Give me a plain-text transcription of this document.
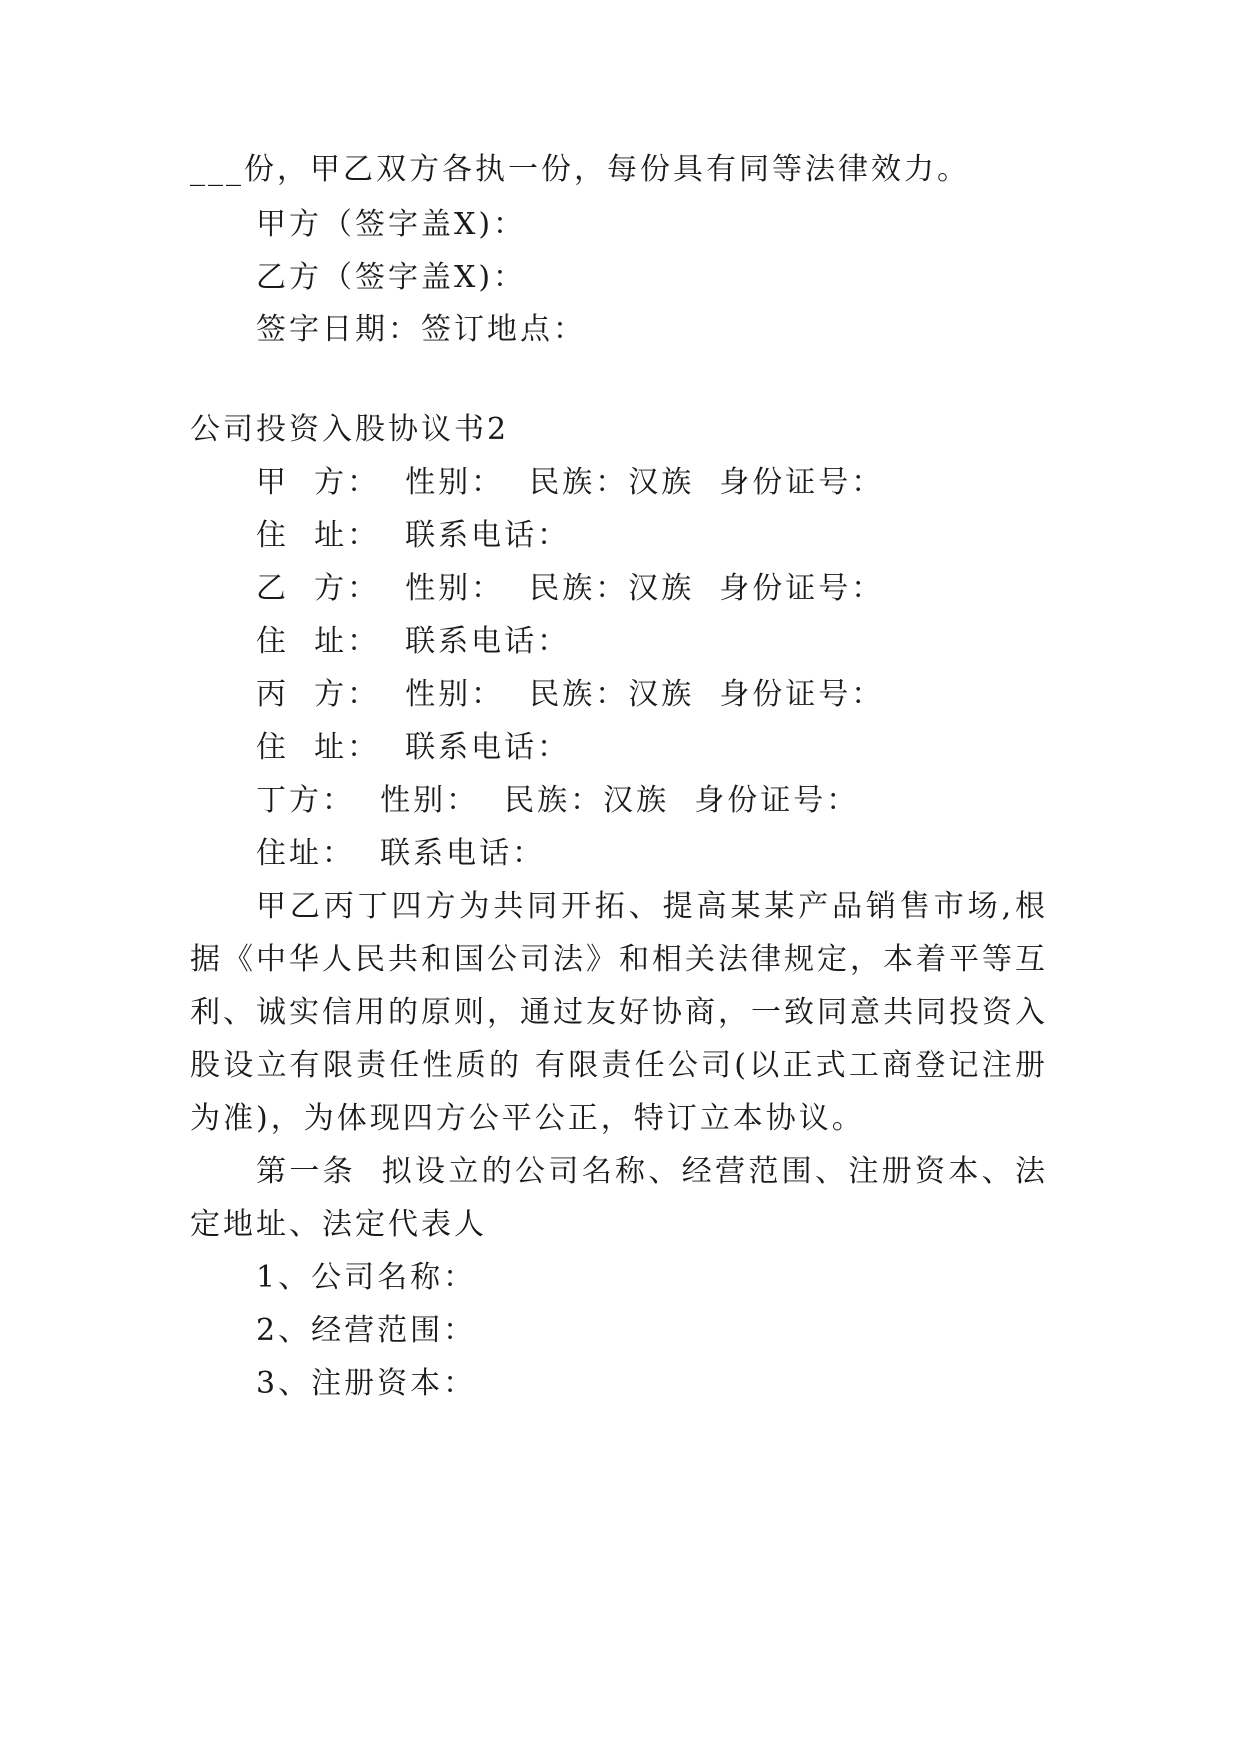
___份，甲乙双方各执一份，每份具有同等法律效力。
甲方（签字盖X)：
乙方（签字盖X)：
签字日期：签订地点：
公司投资入股协议书2
甲  方：  性别：  民族：汉族  身份证号：
住  址：  联系电话：
乙  方：  性别：  民族：汉族  身份证号：
住  址：  联系电话：
丙  方：  性别：  民族：汉族  身份证号：
住  址：  联系电话：
丁方：  性别：  民族：汉族  身份证号：
住址：  联系电话：
甲乙丙丁四方为共同开拓、提高某某产品销售市场,根
据《中华人民共和国公司法》和相关法律规定，本着平等互
利、诚实信用的原则，通过友好协商，一致同意共同投资入
股设立有限责任性质的 有限责任公司(以正式工商登记注册
为准)，为体现四方公平公正，特订立本协议。
第一条  拟设立的公司名称、经营范围、注册资本、法
定地址、法定代表人
1、公司名称：
2、经营范围：
3、注册资本：
